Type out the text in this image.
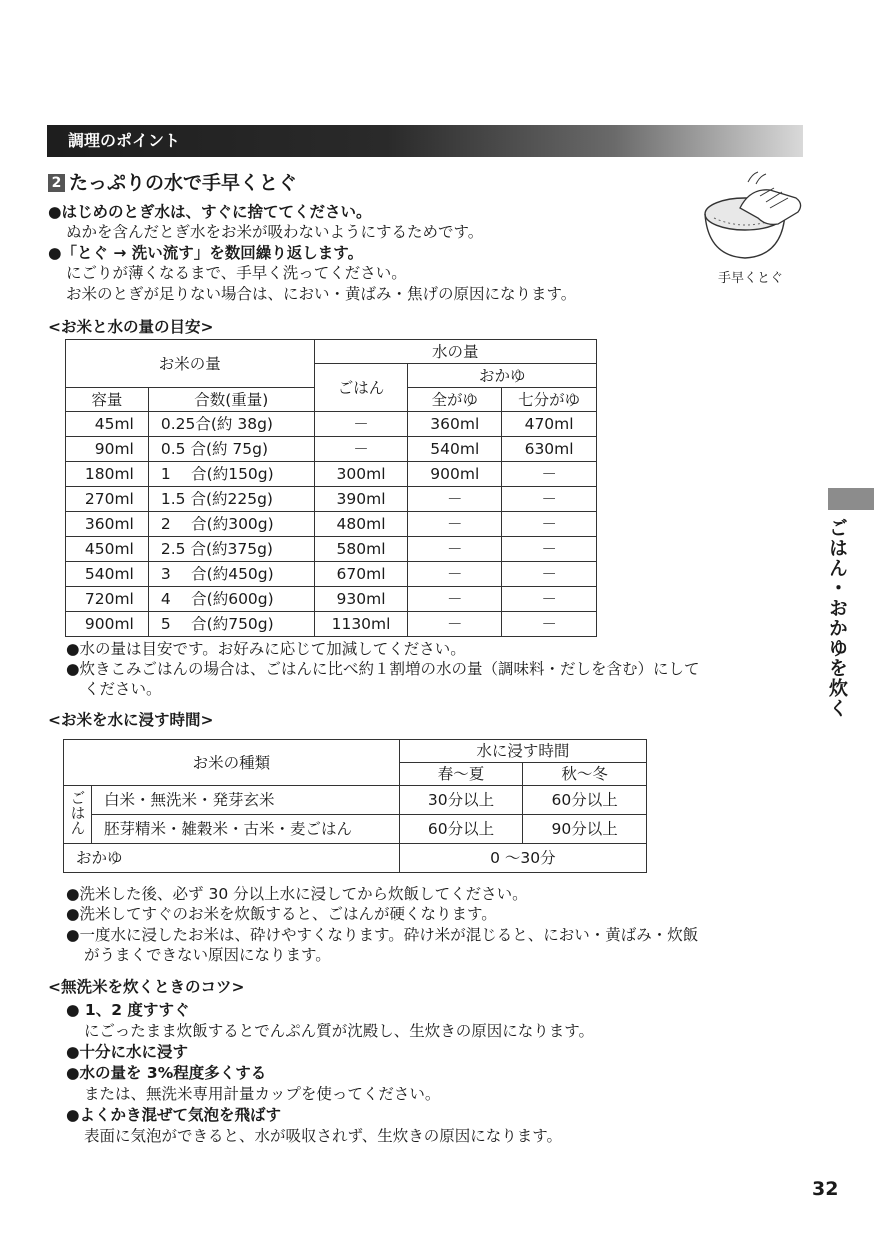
調理のポイント
2 たっぷりの水で手早くとぐ
手早くとぐ
●はじめのとぎ水は、すぐに捨ててください。
ぬかを含んだとぎ水をお米が吸わないようにするためです。
●「とぐ → 洗い流す」を数回繰り返します。
にごりが薄くなるまで、手早く洗ってください。
お米のとぎが足りない場合は、におい・黄ばみ・焦げの原因になります。
<お米と水の量の目安>
お米の量		水の量		
		ごはん	おかゆ	
容量	合数(重量)		全がゆ	七分がゆ
45ml	0.25合(約 38g)	－	360ml	470ml
90ml	0.5 合(約 75g)	－	540ml	630ml
180ml	1　 合(約150g)	300ml	900ml	－
270ml	1.5 合(約225g)	390ml	－	－
360ml	2　 合(約300g)	480ml	－	－
450ml	2.5 合(約375g)	580ml	－	－
540ml	3　 合(約450g)	670ml	－	－
720ml	4　 合(約600g)	930ml	－	－
900ml	5　 合(約750g)	1130ml	－	－
●水の量は目安です。お好みに応じて加減してください。
●炊きこみごはんの場合は、ごはんに比べ約１割増の水の量（調味料・だしを含む）にして
ください。
<お米を水に浸す時間>
お米の種類		水に浸す時間	
		春～夏	秋～冬
ごはん	白米・無洗米・発芽玄米	30分以上	60分以上
	胚芽精米・雑穀米・古米・麦ごはん	60分以上	90分以上
おかゆ		0 ～30分	
●洗米した後、必ず 30 分以上水に浸してから炊飯してください。
●洗米してすぐのお米を炊飯すると、ごはんが硬くなります。
●一度水に浸したお米は、砕けやすくなります。砕け米が混じると、におい・黄ばみ・炊飯
がうまくできない原因になります。
<無洗米を炊くときのコツ>
● 1、2 度すすぐ
にごったまま炊飯するとでんぷん質が沈殿し、生炊きの原因になります。
●十分に水に浸す
●水の量を 3%程度多くする
または、無洗米専用計量カップを使ってください。
●よくかき混ぜて気泡を飛ばす
表面に気泡ができると、水が吸収されず、生炊きの原因になります。
ごはん・おかゆを炊く
32
